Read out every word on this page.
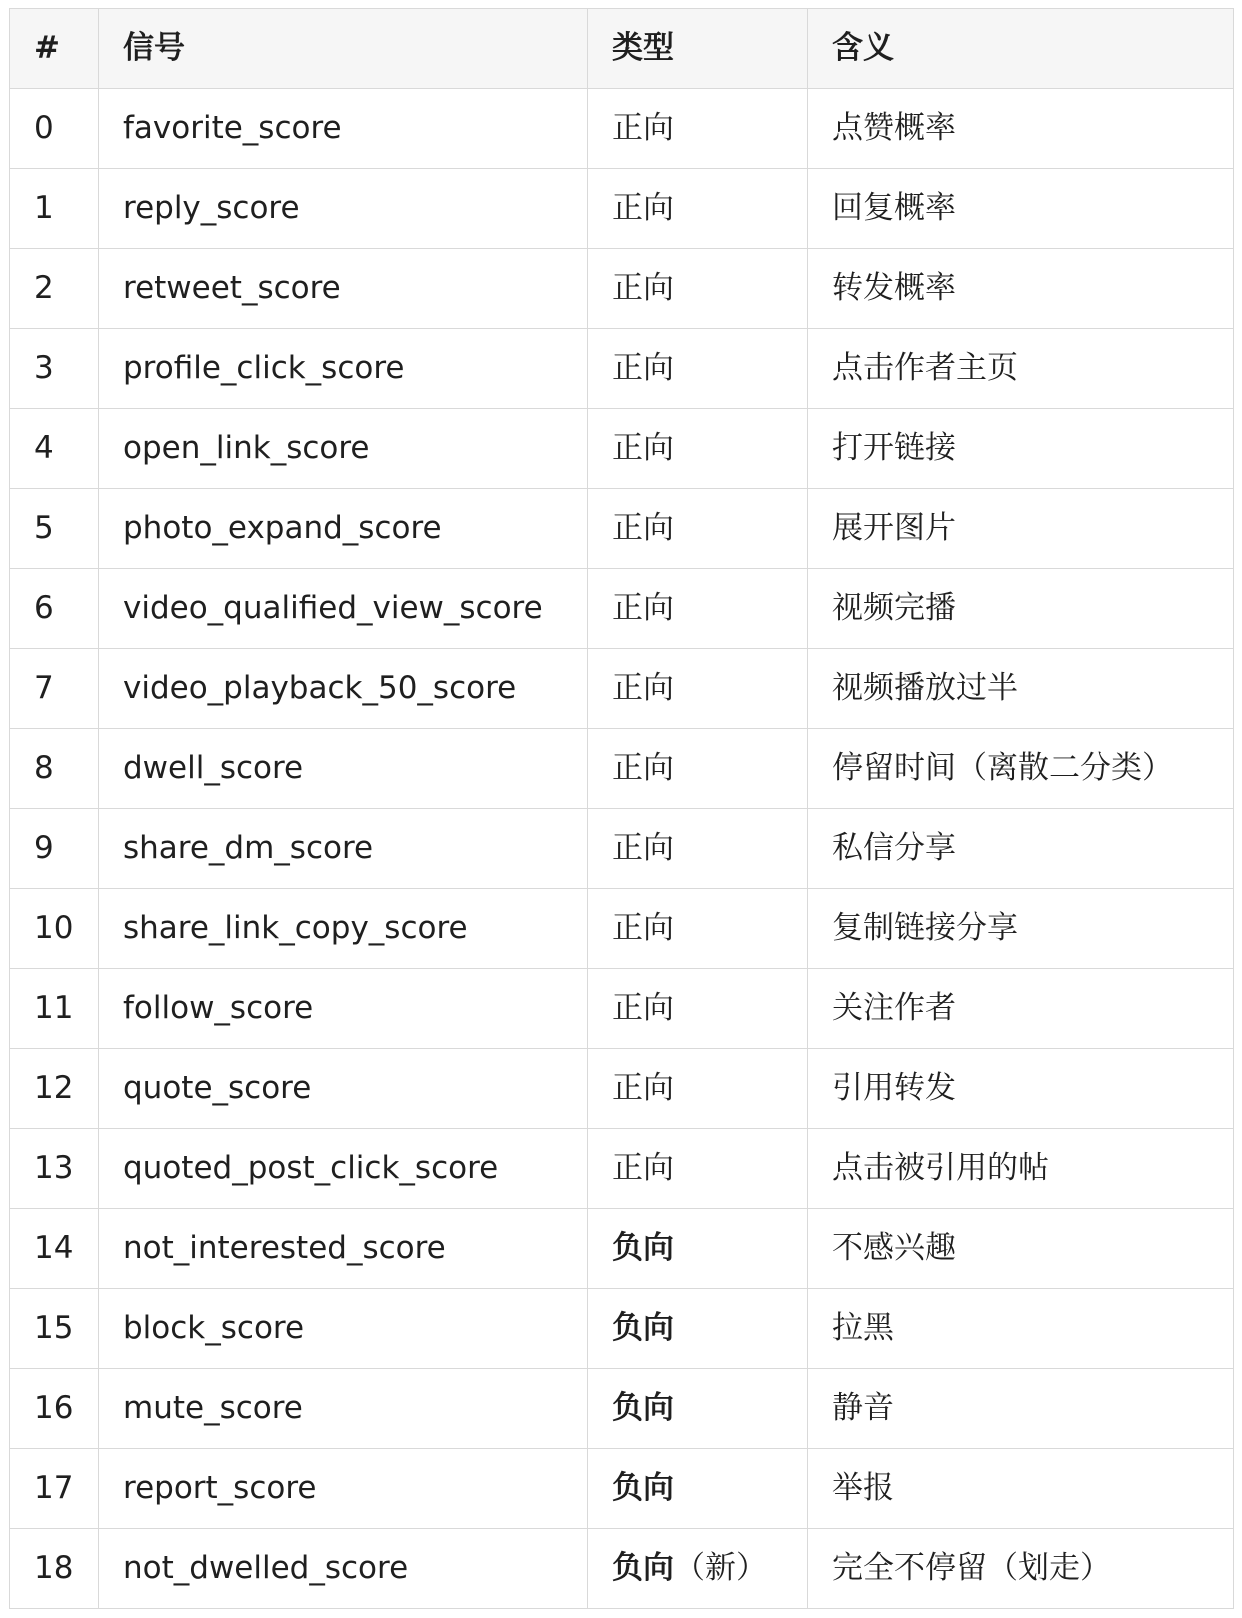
#	信号	类型	含义
0	favorite_score	正向	点赞概率
1	reply_score	正向	回复概率
2	retweet_score	正向	转发概率
3	profile_click_score	正向	点击作者主页
4	open_link_score	正向	打开链接
5	photo_expand_score	正向	展开图片
6	video_qualified_view_score	正向	视频完播
7	video_playback_50_score	正向	视频播放过半
8	dwell_score	正向	停留时间（离散二分类）
9	share_dm_score	正向	私信分享
10	share_link_copy_score	正向	复制链接分享
11	follow_score	正向	关注作者
12	quote_score	正向	引用转发
13	quoted_post_click_score	正向	点击被引用的帖
14	not_interested_score	负向	不感兴趣
15	block_score	负向	拉黑
16	mute_score	负向	静音
17	report_score	负向	举报
18	not_dwelled_score	负向（新）	完全不停留（划走）
